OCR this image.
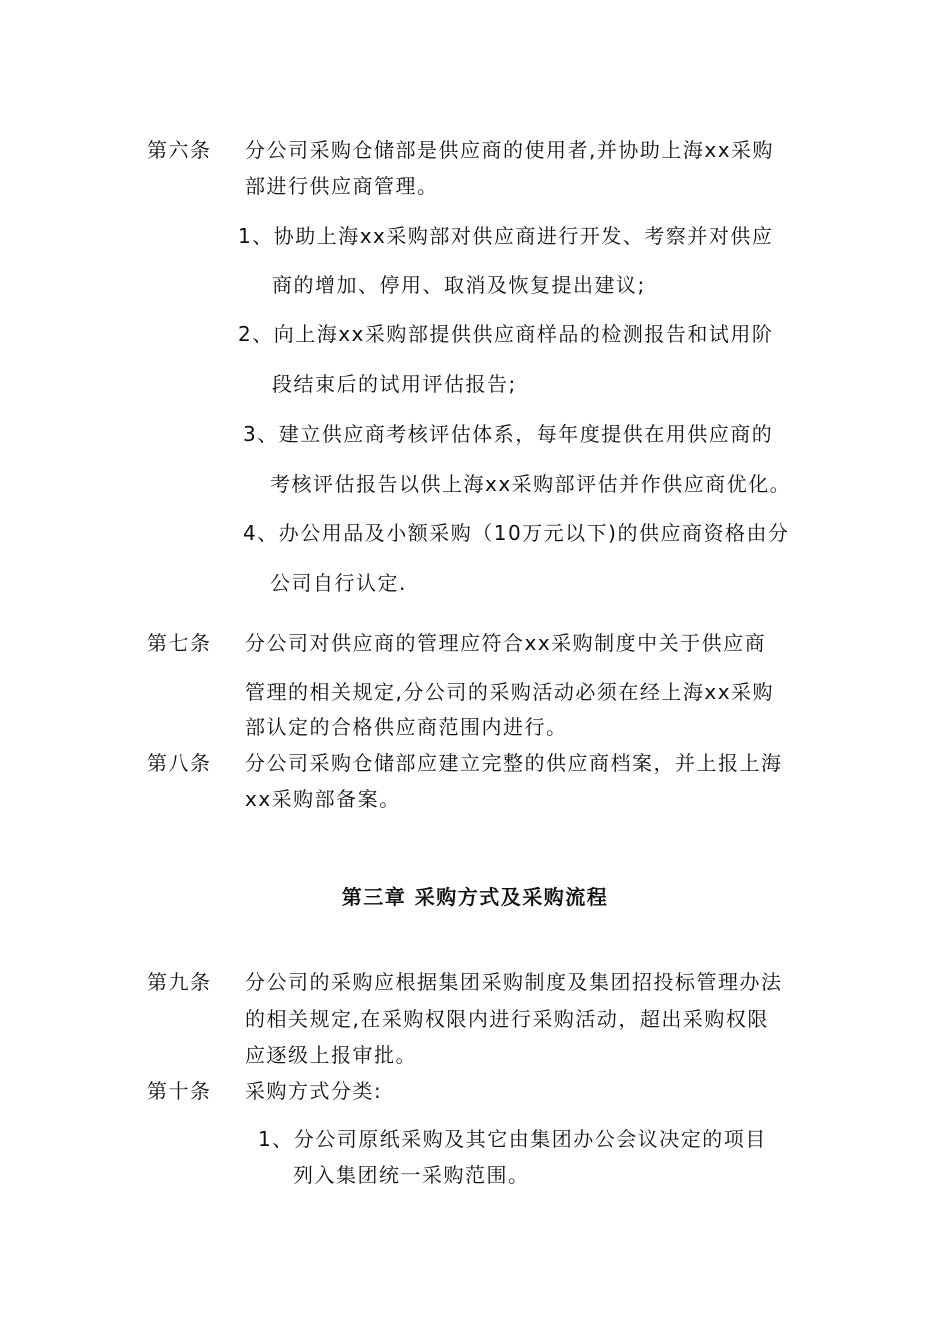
第六条 分公司采购仓储部是供应商的使用者,并协助上海xx采购
部进行供应商管理。
1、协助上海xx采购部对供应商进行开发、考察并对供应
商的增加、停用、取消及恢复提出建议;
2、向上海xx采购部提供供应商样品的检测报告和试用阶
段结束后的试用评估报告;
3、建立供应商考核评估体系，每年度提供在用供应商的
考核评估报告以供上海xx采购部评估并作供应商优化。
4、办公用品及小额采购（10万元以下)的供应商资格由分
公司自行认定.
第七条 分公司对供应商的管理应符合xx采购制度中关于供应商
管理的相关规定,分公司的采购活动必须在经上海xx采购
部认定的合格供应商范围内进行。
第八条 分公司采购仓储部应建立完整的供应商档案，并上报上海
xx采购部备案。
第三章 采购方式及采购流程
第九条 分公司的采购应根据集团采购制度及集团招投标管理办法
的相关规定,在采购权限内进行采购活动，超出采购权限
应逐级上报审批。
第十条 采购方式分类:
1、分公司原纸采购及其它由集团办公会议决定的项目
列入集团统一采购范围。
